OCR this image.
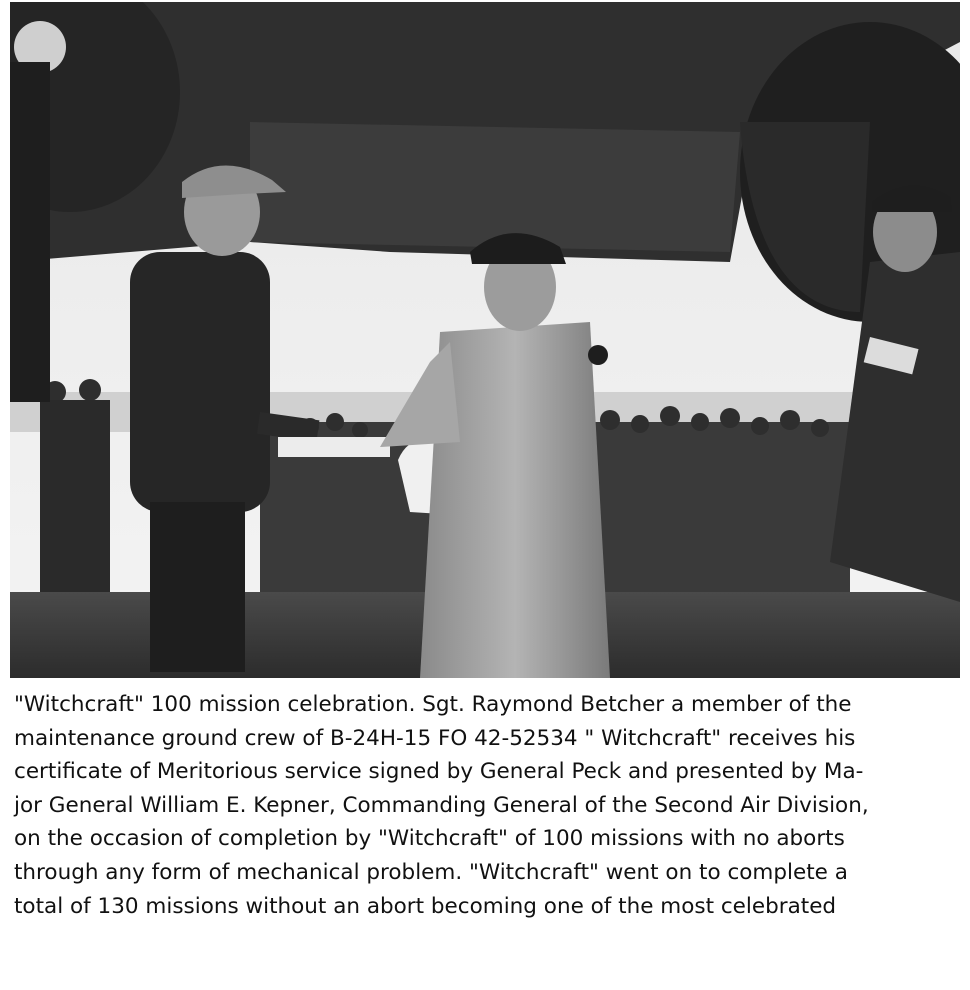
"Witchcraft" 100 mission celebration. Sgt. Raymond Betcher a member of the
maintenance ground crew of B-24H-15 FO 42-52534 " Witchcraft" receives his
certificate of Meritorious service signed by General Peck and presented by Ma-
jor General William E. Kepner, Commanding General of the Second Air Division,
on the occasion of completion by "Witchcraft" of 100 missions with no aborts
through any form of mechanical problem. "Witchcraft" went on to complete a
total of 130 missions without an abort becoming one of the most celebrated
